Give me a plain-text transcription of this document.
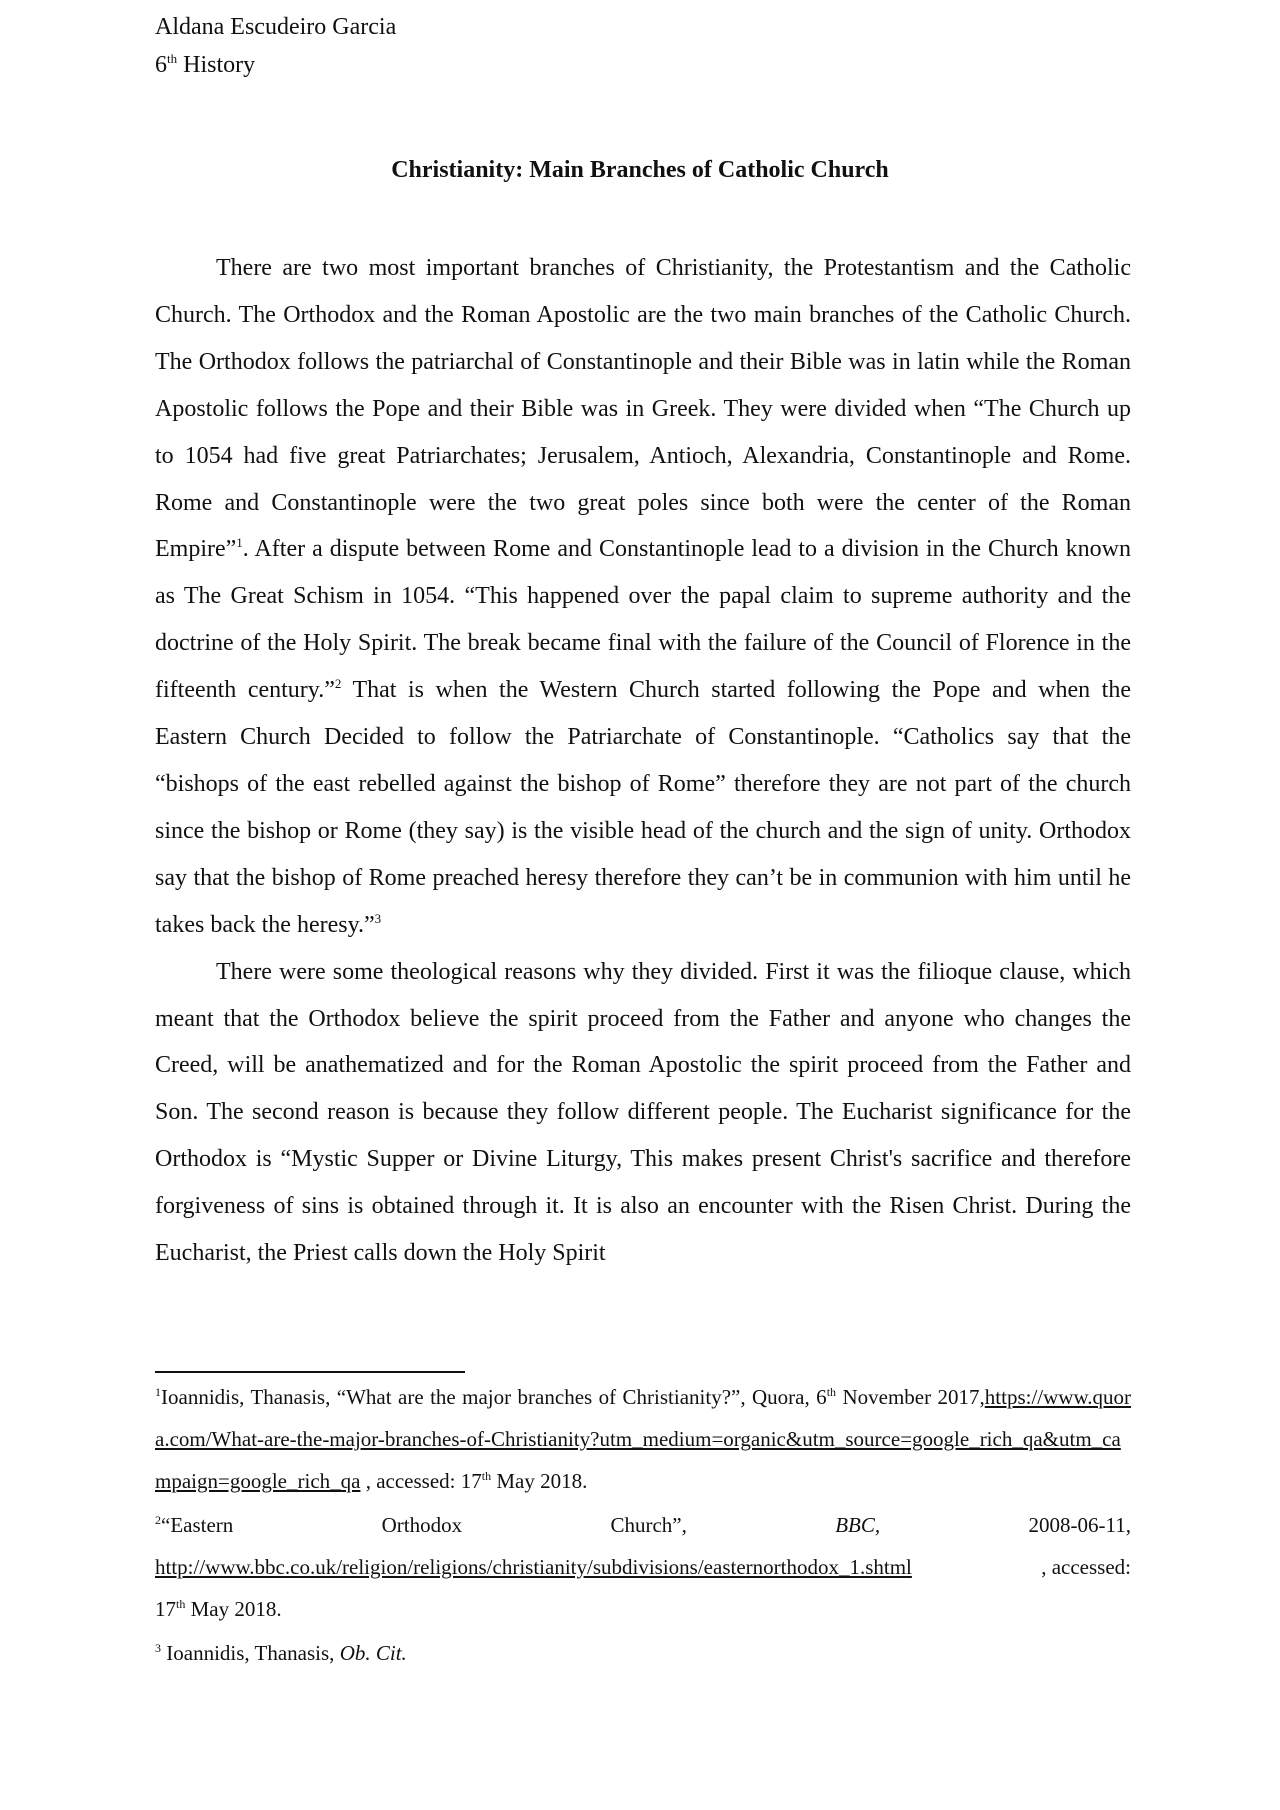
Aldana Escudeiro Garcia
6th History
Christianity: Main Branches of Catholic Church

There are two most important branches of Christianity, the Protestantism and the Catholic Church. The Orthodox and the Roman Apostolic are the two main branches of the Catholic Church. The Orthodox follows the patriarchal of Constantinople and their Bible was in latin while the Roman Apostolic follows the Pope and their Bible was in Greek. They were divided when “The Church up to 1054 had five great Patriarchates; Jerusalem, Antioch, Alexandria, Constantinople and Rome. Rome and Constantinople were the two great poles since both were the center of the Roman Empire”$^1$. After a dispute between Rome and Constantinople lead to a division in the Church known as The Great Schism in 1054. “This happened over the papal claim to supreme authority and the doctrine of the Holy Spirit. The break became final with the failure of the Council of Florence in the fifteenth century.”$^2$ That is when the Western Church started following the Pope and when the Eastern Church Decided to follow the Patriarchate of Constantinople. “Catholics say that the “bishops of the east rebelled against the bishop of Rome” therefore they are not part of the church since the bishop or Rome (they say) is the visible head of the church and the sign of unity. Orthodox say that the bishop of Rome preached heresy therefore they can’t be in communion with him until he takes back the heresy.”$^3$

There were some theological reasons why they divided. First it was the filioque clause, which meant that the Orthodox believe the spirit proceed from the Father and anyone who changes the Creed, will be anathematized and for the Roman Apostolic the spirit proceed from the Father and Son. The second reason is because they follow different people. The Eucharist significance for the Orthodox is “Mystic Supper or Divine Liturgy, This makes present Christ's sacrifice and therefore forgiveness of sins is obtained through it. It is also an encounter with the Risen Christ. During the Eucharist, the Priest calls down the Holy Spirit

$^1$Ioannidis, Thanasis, “What are the major branches of Christianity?”, Quora, 6th November 2017,https://www.quora.com/What-are-the-major-branches-of-Christianity?utm_medium=organic&utm_source=google_rich_qa&utm_campaign=google_rich_qa , accessed: 17th May 2018.
$^2$“Eastern	Orthodox	Church”,	BBC,	2008-06-11,
http://www.bbc.co.uk/religion/religions/christianity/subdivisions/easternorthodox_1.shtml	, accessed:
17th May 2018.
$^3$ Ioannidis, Thanasis, Ob. Cit.
